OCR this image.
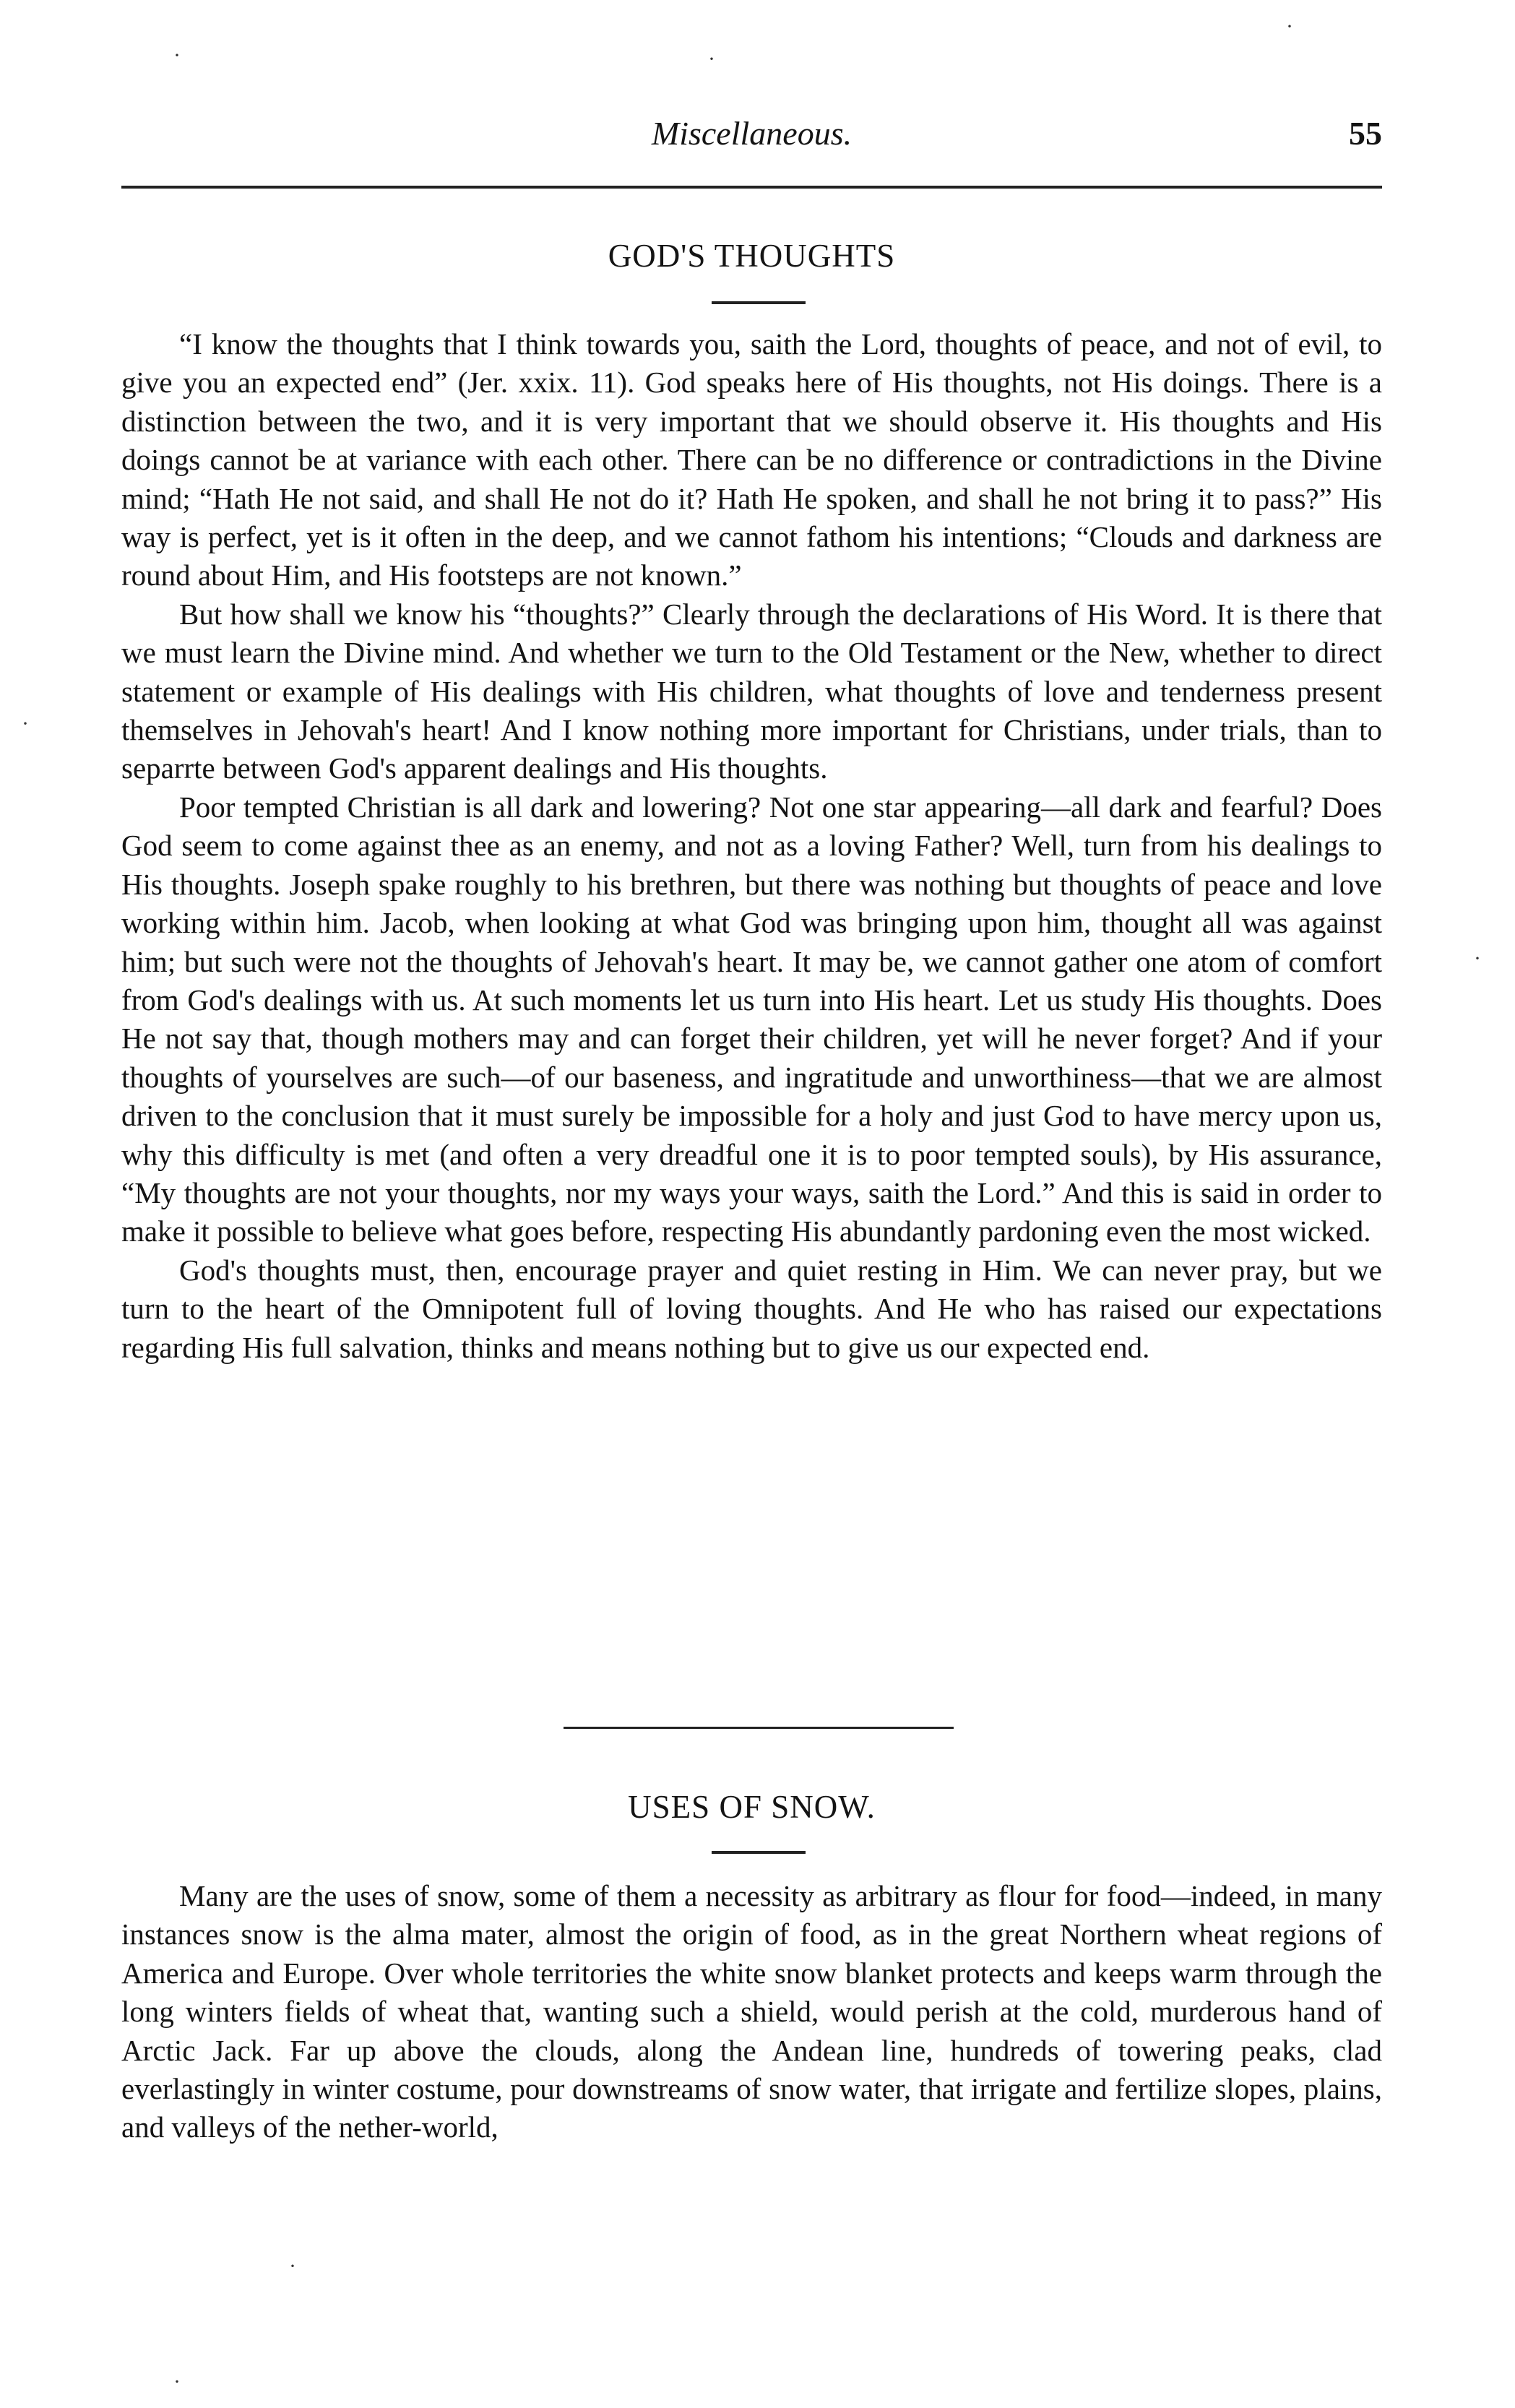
Miscellaneous.	55
GOD'S THOUGHTS

“I know the thoughts that I think towards you, saith the Lord, thoughts of peace, and not of evil, to give you an expected end” (Jer. xxix. 11). God speaks here of His thoughts, not His doings. There is a distinction between the two, and it is very important that we should observe it. His thoughts and His doings cannot be at variance with each other. There can be no difference or contradictions in the Divine mind; “Hath He not said, and shall He not do it? Hath He spoken, and shall he not bring it to pass?” His way is perfect, yet is it often in the deep, and we cannot fathom his intentions; “Clouds and darkness are round about Him, and His footsteps are not known.”

But how shall we know his “thoughts?” Clearly through the declarations of His Word. It is there that we must learn the Divine mind. And whether we turn to the Old Testament or the New, whether to direct statement or example of His dealings with His children, what thoughts of love and tenderness present themselves in Jehovah's heart! And I know nothing more important for Christians, under trials, than to separrte between God's apparent dealings and His thoughts.

Poor tempted Christian is all dark and lowering? Not one star appearing—all dark and fearful? Does God seem to come against thee as an enemy, and not as a loving Father? Well, turn from his dealings to His thoughts. Joseph spake roughly to his brethren, but there was nothing but thoughts of peace and love working within him. Jacob, when looking at what God was bringing upon him, thought all was against him; but such were not the thoughts of Jehovah's heart. It may be, we cannot gather one atom of comfort from God's dealings with us. At such moments let us turn into His heart. Let us study His thoughts. Does He not say that, though mothers may and can forget their children, yet will he never forget? And if your thoughts of yourselves are such—of our baseness, and ingratitude and unworthiness—that we are almost driven to the conclusion that it must surely be impossible for a holy and just God to have mercy upon us, why this difficulty is met (and often a very dreadful one it is to poor tempted souls), by His assurance, “My thoughts are not your thoughts, nor my ways your ways, saith the Lord.” And this is said in order to make it possible to believe what goes before, respecting His abundantly pardoning even the most wicked.

God's thoughts must, then, encourage prayer and quiet resting in Him. We can never pray, but we turn to the heart of the Omnipotent full of loving thoughts. And He who has raised our expectations regarding His full salvation, thinks and means nothing but to give us our expected end.

USES OF SNOW.

Many are the uses of snow, some of them a necessity as arbitrary as flour for food—indeed, in many instances snow is the alma mater, almost the origin of food, as in the great Northern wheat regions of America and Europe. Over whole territories the white snow blanket protects and keeps warm through the long winters fields of wheat that, wanting such a shield, would perish at the cold, murderous hand of Arctic Jack. Far up above the clouds, along the Andean line, hundreds of towering peaks, clad everlastingly in winter costume, pour downstreams of snow water, that irrigate and fertilize slopes, plains, and valleys of the nether-world,

·	·
·
·
·
·
·
